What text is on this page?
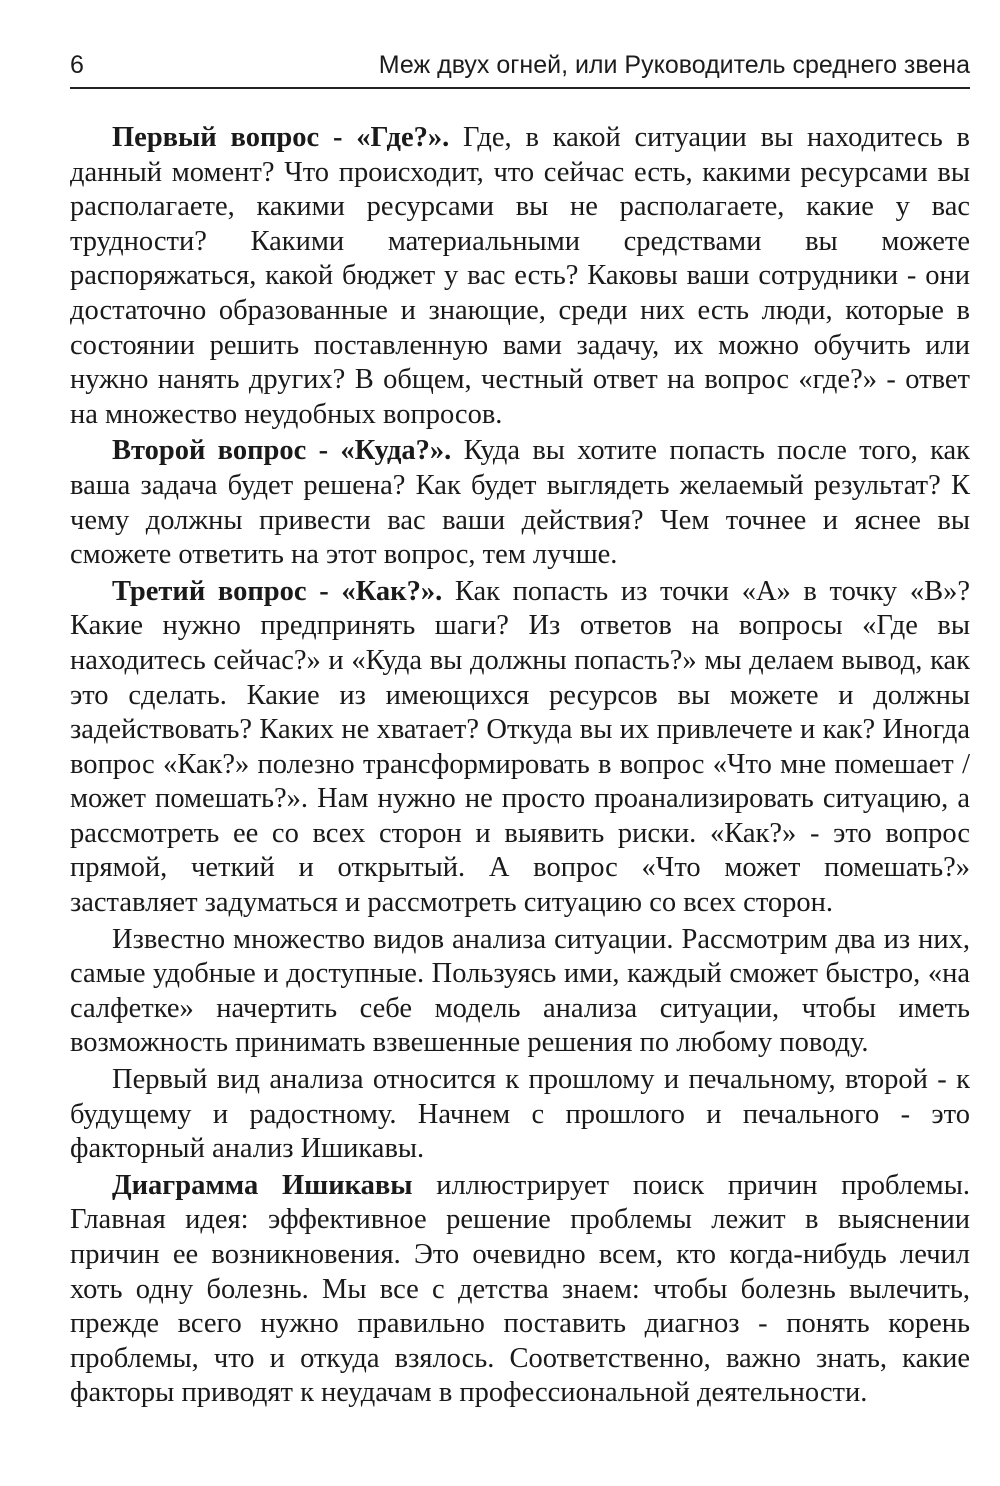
6	Меж двух огней, или Руководитель среднего звена

Первый вопрос - «Где?». Где, в какой ситуации вы находитесь в данный момент? Что происходит, что сейчас есть, какими ресурсами вы располагаете, какими ресурсами вы не располагаете, какие у вас трудности? Какими материальными средствами вы можете распоряжаться, какой бюджет у вас есть? Каковы ваши сотрудники - они достаточно образованные и знающие, среди них есть люди, которые в состоянии решить поставленную вами задачу, их можно обучить или нужно нанять других? В общем, честный ответ на вопрос «где?» - ответ на множество неудобных вопросов.

Второй вопрос - «Куда?». Куда вы хотите попасть после того, как ваша задача будет решена? Как будет выглядеть желаемый результат? К чему должны привести вас ваши действия? Чем точнее и яснее вы сможете ответить на этот вопрос, тем лучше.

Третий вопрос - «Как?». Как попасть из точки «А» в точку «В»? Какие нужно предпринять шаги? Из ответов на вопросы «Где вы находитесь сейчас?» и «Куда вы должны попасть?» мы делаем вывод, как это сделать. Какие из имеющихся ресурсов вы можете и должны задействовать? Каких не хватает? Откуда вы их привлечете и как? Иногда вопрос «Как?» полезно трансформировать в вопрос «Что мне помешает / может помешать?». Нам нужно не просто проанализировать ситуацию, а рассмотреть ее со всех сторон и выявить риски. «Как?» - это вопрос прямой, четкий и открытый. А вопрос «Что может помешать?» заставляет задуматься и рассмотреть ситуацию со всех сторон.

Известно множество видов анализа ситуации. Рассмотрим два из них, самые удобные и доступные. Пользуясь ими, каждый сможет быстро, «на салфетке» начертить себе модель анализа ситуации, чтобы иметь возможность принимать взвешенные решения по любому поводу.

Первый вид анализа относится к прошлому и печальному, второй - к будущему и радостному. Начнем с прошлого и печального - это факторный анализ Ишикавы.

Диаграмма Ишикавы иллюстрирует поиск причин проблемы. Главная идея: эффективное решение проблемы лежит в выяснении причин ее возникновения. Это очевидно всем, кто когда-нибудь лечил хоть одну болезнь. Мы все с детства знаем: чтобы болезнь вылечить, прежде всего нужно правильно поставить диагноз - понять корень проблемы, что и откуда взялось. Соответственно, важно знать, какие факторы приводят к неудачам в профессиональной деятельности.
